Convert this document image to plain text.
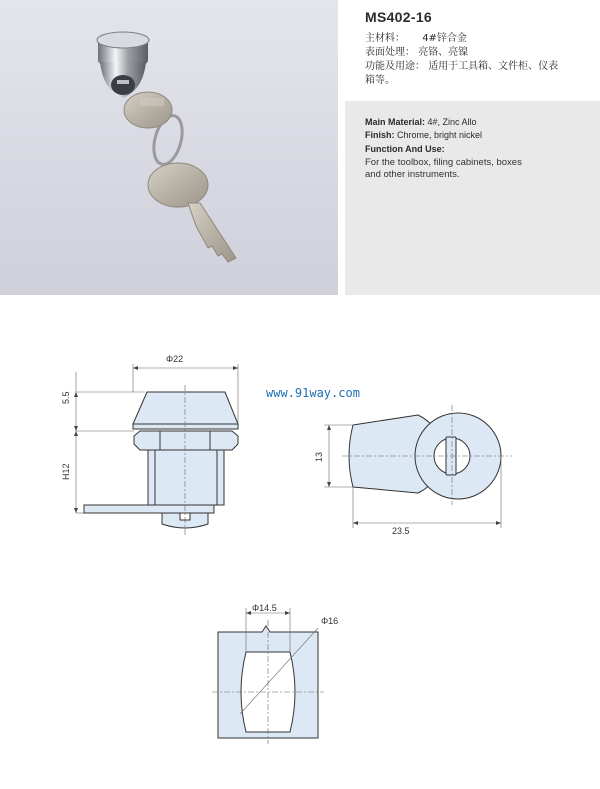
MS402-16
主材料： 4#锌合金
表面处理： 亮铬、亮镍
功能及用途： 适用于工具箱、文件柜、仪表
箱等。
Main Material: 4#, Zinc Allo
Finish: Chrome, bright nickel
Function And Use:
For the toolbox, filing cabinets, boxes
and other instruments.
www.91way.com
Φ22
5.5
H12
13
23.5
Φ14.5
Φ16
